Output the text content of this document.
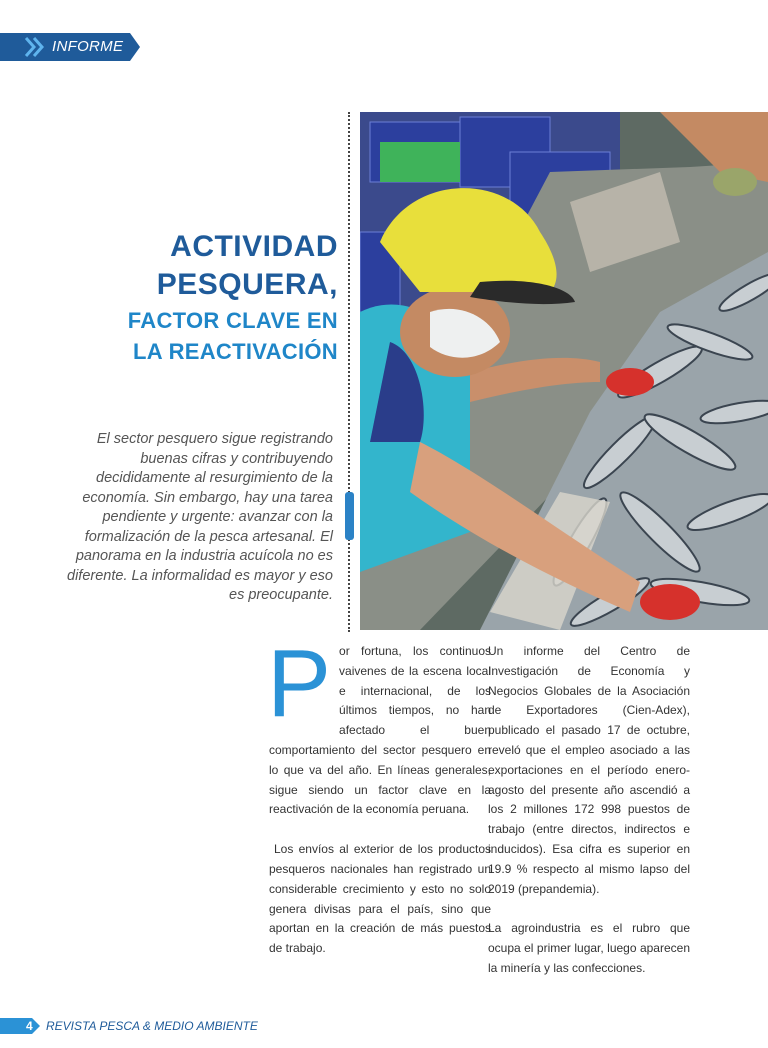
INFORME
ACTIVIDAD
PESQUERA,
FACTOR CLAVE EN
LA REACTIVACIÓN
El sector pesquero sigue registrando buenas cifras y contribuyendo decididamente al resurgimiento de la economía. Sin embargo, hay una tarea pendiente y urgente: avanzar con la formalización de la pesca artesanal. El panorama en la industria acuícola no es diferente. La informalidad es mayor y eso es preocupante.

Por fortuna, los continuos vaivenes de la escena local e internacional, de los últimos tiempos, no han afectado el buen comportamiento del sector pesquero en lo que va del año. En líneas generales, sigue siendo un factor clave en la reactivación de la economía peruana.

Los envíos al exterior de los productos pesqueros nacionales han registrado un considerable crecimiento y esto no solo genera divisas para el país, sino que aportan en la creación de más puestos de trabajo.

Un informe del Centro de Investigación de Economía y Negocios Globales de la Asociación de Exportadores (Cien-Adex), publicado el pasado 17 de octubre, reveló que el empleo asociado a las exportaciones en el período enero-agosto del presente año ascendió a los 2 millones 172 998 puestos de trabajo (entre directos, indirectos e inducidos). Esa cifra es superior en 19.9 % respecto al mismo lapso del 2019 (prepandemia).

La agroindustria es el rubro que ocupa el primer lugar, luego aparecen la minería y las confecciones.

4 REVISTA PESCA & MEDIO AMBIENTE
